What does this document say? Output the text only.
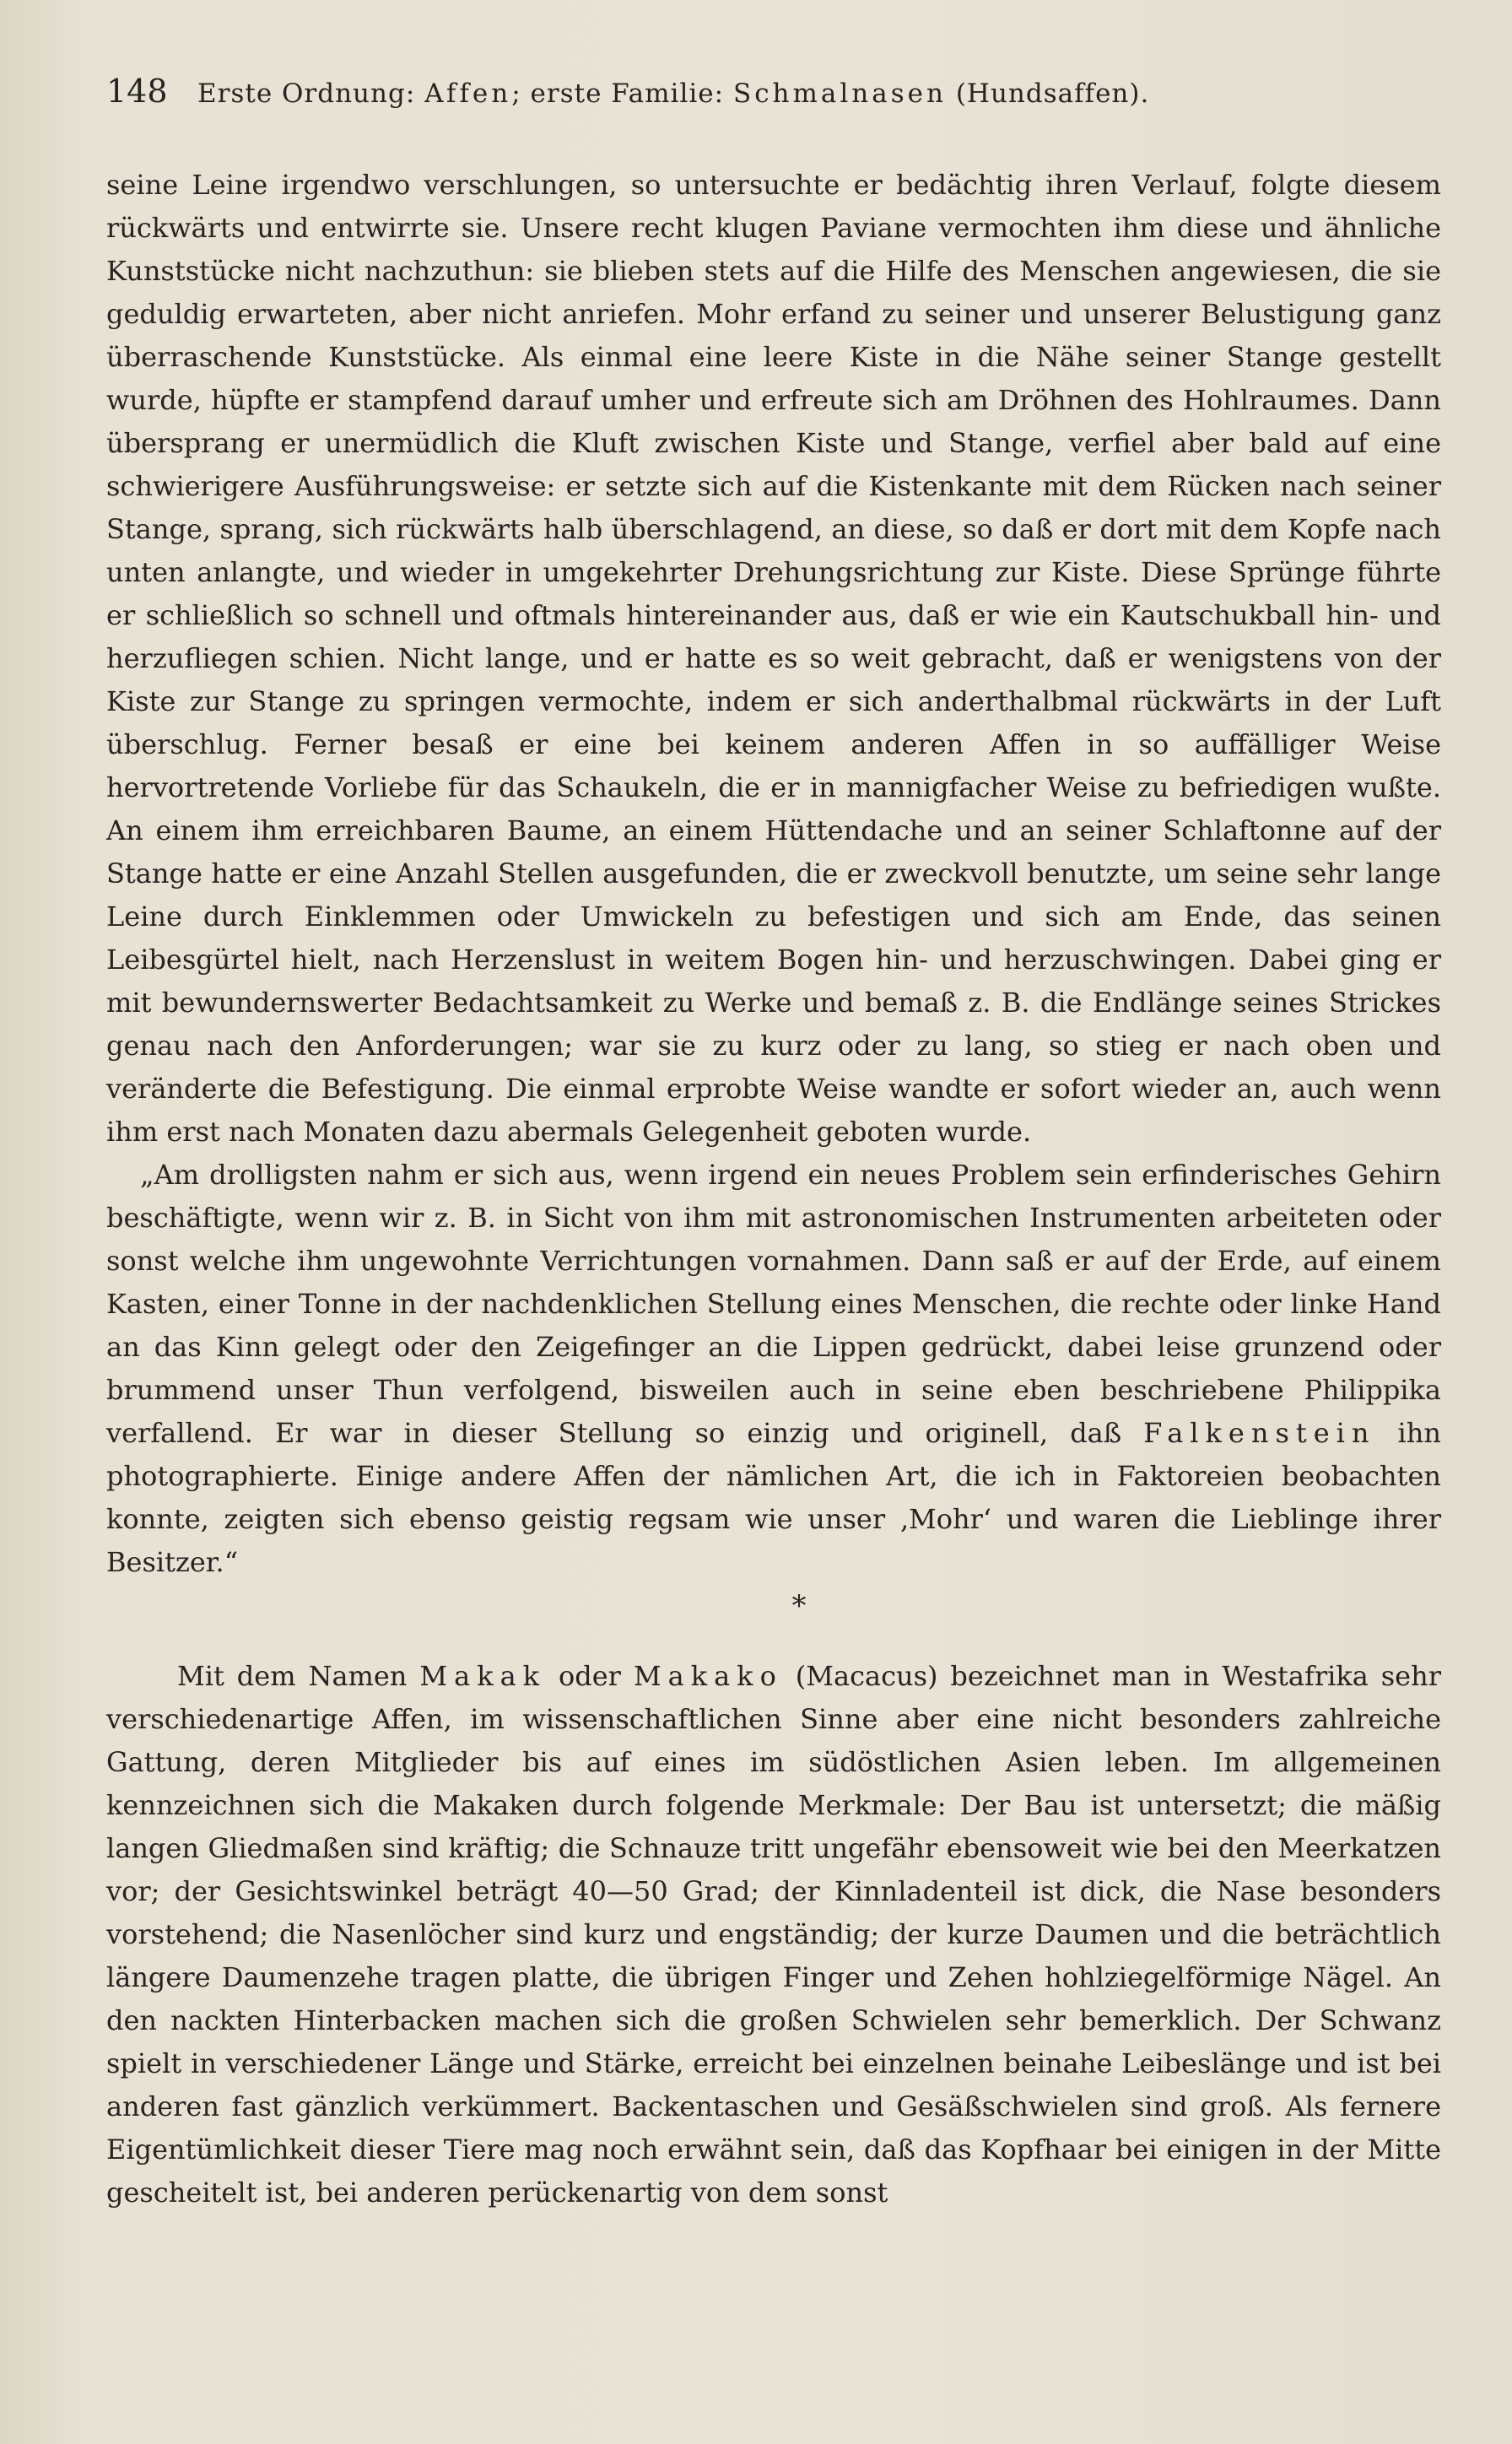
148	Erste Ordnung: Affen; erste Familie: Schmalnasen (Hundsaffen).

seine Leine irgendwo verschlungen, so untersuchte er bedächtig ihren Verlauf, folgte diesem rückwärts und entwirrte sie. Unsere recht klugen Paviane vermochten ihm diese und ähnliche Kunststücke nicht nachzuthun: sie blieben stets auf die Hilfe des Menschen angewiesen, die sie geduldig erwarteten, aber nicht anriefen. Mohr erfand zu seiner und unserer Belustigung ganz überraschende Kunststücke. Als einmal eine leere Kiste in die Nähe seiner Stange gestellt wurde, hüpfte er stampfend darauf umher und erfreute sich am Dröhnen des Hohlraumes. Dann übersprang er unermüdlich die Kluft zwischen Kiste und Stange, verfiel aber bald auf eine schwierigere Ausführungsweise: er setzte sich auf die Kistenkante mit dem Rücken nach seiner Stange, sprang, sich rückwärts halb überschlagend, an diese, so daß er dort mit dem Kopfe nach unten anlangte, und wieder in umgekehrter Drehungsrichtung zur Kiste. Diese Sprünge führte er schließlich so schnell und oftmals hintereinander aus, daß er wie ein Kautschukball hin- und herzufliegen schien. Nicht lange, und er hatte es so weit gebracht, daß er wenigstens von der Kiste zur Stange zu springen vermochte, indem er sich anderthalbmal rückwärts in der Luft überschlug. Ferner besaß er eine bei keinem anderen Affen in so auffälliger Weise hervortretende Vorliebe für das Schaukeln, die er in mannigfacher Weise zu befriedigen wußte. An einem ihm erreichbaren Baume, an einem Hüttendache und an seiner Schlaftonne auf der Stange hatte er eine Anzahl Stellen ausgefunden, die er zweckvoll benutzte, um seine sehr lange Leine durch Einklemmen oder Umwickeln zu befestigen und sich am Ende, das seinen Leibesgürtel hielt, nach Herzenslust in weitem Bogen hin- und herzuschwingen. Dabei ging er mit bewundernswerter Bedachtsamkeit zu Werke und bemaß z. B. die Endlänge seines Strickes genau nach den Anforderungen; war sie zu kurz oder zu lang, so stieg er nach oben und veränderte die Befestigung. Die einmal erprobte Weise wandte er sofort wieder an, auch wenn ihm erst nach Monaten dazu abermals Gelegenheit geboten wurde.

„Am drolligsten nahm er sich aus, wenn irgend ein neues Problem sein erfinderisches Gehirn beschäftigte, wenn wir z. B. in Sicht von ihm mit astronomischen Instrumenten arbeiteten oder sonst welche ihm ungewohnte Verrichtungen vornahmen. Dann saß er auf der Erde, auf einem Kasten, einer Tonne in der nachdenklichen Stellung eines Menschen, die rechte oder linke Hand an das Kinn gelegt oder den Zeigefinger an die Lippen gedrückt, dabei leise grunzend oder brummend unser Thun verfolgend, bisweilen auch in seine eben beschriebene Philippika verfallend. Er war in dieser Stellung so einzig und originell, daß Falkenstein ihn photographierte. Einige andere Affen der nämlichen Art, die ich in Faktoreien beobachten konnte, zeigten sich ebenso geistig regsam wie unser ‚Mohr‘ und waren die Lieblinge ihrer Besitzer.“

*

Mit dem Namen Makak oder Makako (Macacus) bezeichnet man in Westafrika sehr verschiedenartige Affen, im wissenschaftlichen Sinne aber eine nicht besonders zahlreiche Gattung, deren Mitglieder bis auf eines im südöstlichen Asien leben. Im allgemeinen kennzeichnen sich die Makaken durch folgende Merkmale: Der Bau ist untersetzt; die mäßig langen Gliedmaßen sind kräftig; die Schnauze tritt ungefähr ebensoweit wie bei den Meerkatzen vor; der Gesichtswinkel beträgt 40—50 Grad; der Kinnladenteil ist dick, die Nase besonders vorstehend; die Nasenlöcher sind kurz und engständig; der kurze Daumen und die beträchtlich längere Daumenzehe tragen platte, die übrigen Finger und Zehen hohlziegelförmige Nägel. An den nackten Hinterbacken machen sich die großen Schwielen sehr bemerklich. Der Schwanz spielt in verschiedener Länge und Stärke, erreicht bei einzelnen beinahe Leibeslänge und ist bei anderen fast gänzlich verkümmert. Backentaschen und Gesäßschwielen sind groß. Als fernere Eigentümlichkeit dieser Tiere mag noch erwähnt sein, daß das Kopfhaar bei einigen in der Mitte gescheitelt ist, bei anderen perückenartig von dem sonst
